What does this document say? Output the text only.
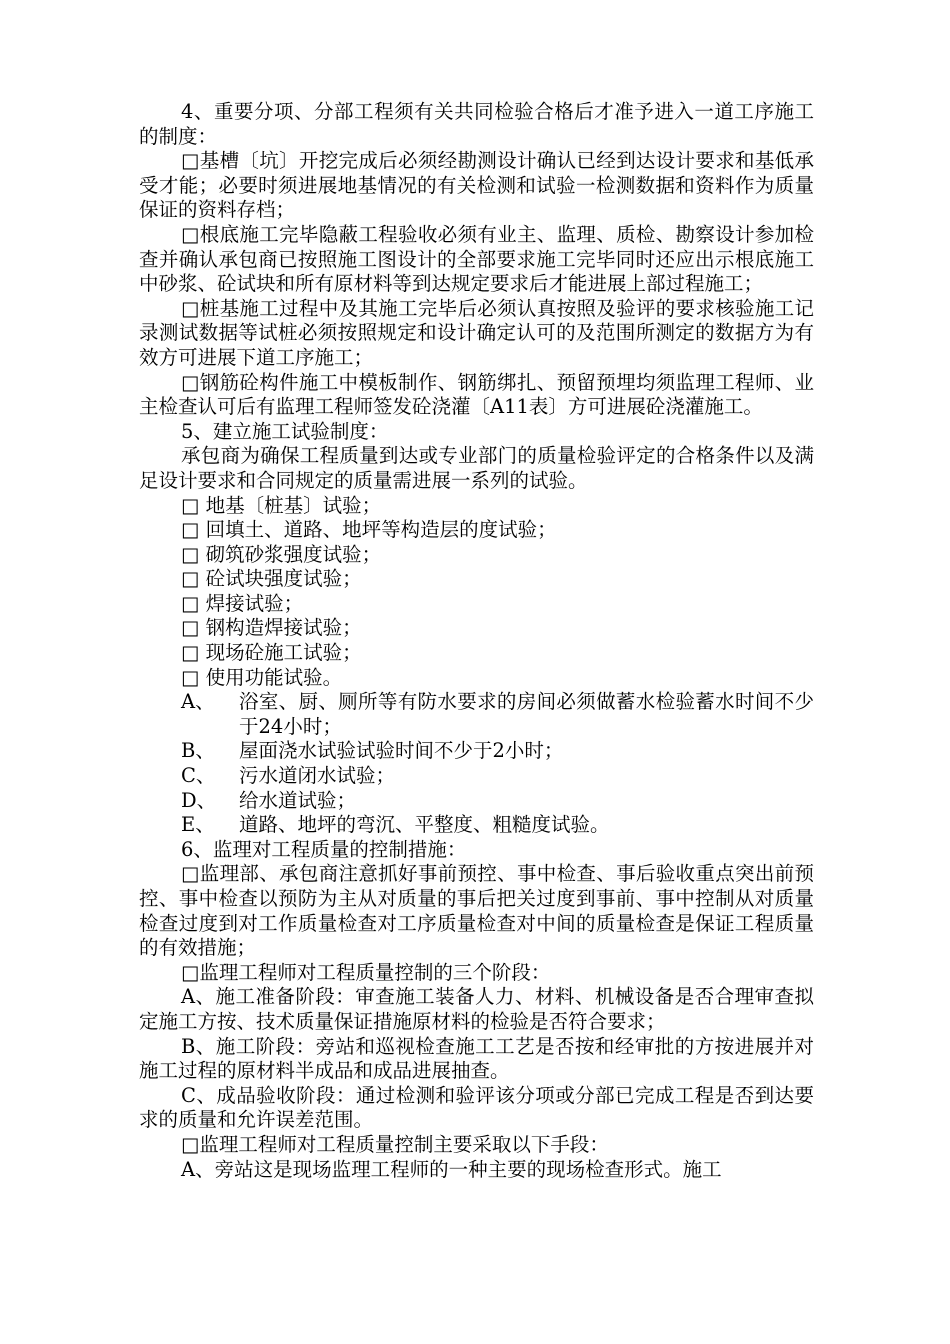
4、重要分项、分部工程须有关共同检验合格后才准予进入一道工序施工的制度：

□基槽〔坑〕开挖完成后必须经勘测设计确认已经到达设计要求和基低承受才能；必要时须进展地基情况的有关检测和试验一检测数据和资料作为质量保证的资料存档；

□根底施工完毕隐蔽工程验收必须有业主、监理、质检、勘察设计参加检查并确认承包商已按照施工图设计的全部要求施工完毕同时还应出示根底施工中砂浆、砼试块和所有原材料等到达规定要求后才能进展上部过程施工；

□桩基施工过程中及其施工完毕后必须认真按照及验评的要求核验施工记录测试数据等试桩必须按照规定和设计确定认可的及范围所测定的数据方为有效方可进展下道工序施工；

□钢筋砼构件施工中模板制作、钢筋绑扎、预留预埋均须监理工程师、业主检查认可后有监理工程师签发砼浇灌〔A11表〕方可进展砼浇灌施工。

5、建立施工试验制度：

承包商为确保工程质量到达或专业部门的质量检验评定的合格条件以及满足设计要求和合同规定的质量需进展一系列的试验。

□ 地基〔桩基〕试验；

□ 回填土、道路、地坪等构造层的度试验；

□ 砌筑砂浆强度试验；

□ 砼试块强度试验；

□ 焊接试验；

□ 钢构造焊接试验；

□ 现场砼施工试验；

□ 使用功能试验。

A、	浴室、厨、厕所等有防水要求的房间必须做蓄水检验蓄水时间不少于24小时；
B、	屋面浇水试验试验时间不少于2小时；
C、	污水道闭水试验；
D、	给水道试验；
E、	道路、地坪的弯沉、平整度、粗糙度试验。

6、监理对工程质量的控制措施：

□监理部、承包商注意抓好事前预控、事中检查、事后验收重点突出前预控、事中检查以预防为主从对质量的事后把关过度到事前、事中控制从对质量检查过度到对工作质量检查对工序质量检查对中间的质量检查是保证工程质量的有效措施；

□监理工程师对工程质量控制的三个阶段：

A、施工准备阶段：审查施工装备人力、材料、机械设备是否合理审查拟定施工方按、技术质量保证措施原材料的检验是否符合要求；

B、施工阶段：旁站和巡视检查施工工艺是否按和经审批的方按进展并对施工过程的原材料半成品和成品进展抽查。

C、成品验收阶段：通过检测和验评该分项或分部已完成工程是否到达要求的质量和允许误差范围。

□监理工程师对工程质量控制主要采取以下手段：

A、旁站这是现场监理工程师的一种主要的现场检查形式。施工
